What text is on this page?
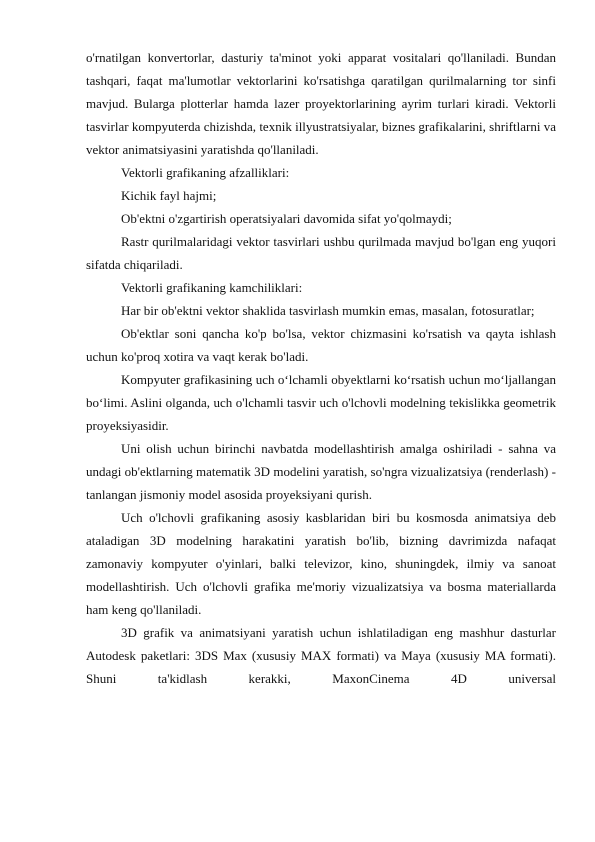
o'rnatilgan konvertorlar, dasturiy ta'minot yoki apparat vositalari qo'llaniladi. Bundan tashqari, faqat ma'lumotlar vektorlarini ko'rsatishga qaratilgan qurilmalarning tor sinfi mavjud. Bularga plotterlar hamda lazer proyektorlarining ayrim turlari kiradi. Vektorli tasvirlar kompyuterda chizishda, texnik illyustratsiyalar, biznes grafikalarini, shriftlarni va vektor animatsiyasini yaratishda qo'llaniladi.

Vektorli grafikaning afzalliklari:

Kichik fayl hajmi;

Ob'ektni o'zgartirish operatsiyalari davomida sifat yo'qolmaydi;

Rastr qurilmalaridagi vektor tasvirlari ushbu qurilmada mavjud bo'lgan eng yuqori sifatda chiqariladi.

Vektorli grafikaning kamchiliklari:

Har bir ob'ektni vektor shaklida tasvirlash mumkin emas, masalan, fotosuratlar;

Ob'ektlar soni qancha ko'p bo'lsa, vektor chizmasini ko'rsatish va qayta ishlash uchun ko'proq xotira va vaqt kerak bo'ladi.

Kompyuter grafikasining uch o‘lchamli obyektlarni ko‘rsatish uchun mo‘ljallangan bo‘limi. Aslini olganda, uch o'lchamli tasvir uch o'lchovli modelning tekislikka geometrik proyeksiyasidir.

Uni olish uchun birinchi navbatda modellashtirish amalga oshiriladi - sahna va undagi ob'ektlarning matematik 3D modelini yaratish, so'ngra vizualizatsiya (renderlash) - tanlangan jismoniy model asosida proyeksiyani qurish.

Uch o'lchovli grafikaning asosiy kasblaridan biri bu kosmosda animatsiya deb ataladigan 3D modelning harakatini yaratish bo'lib, bizning davrimizda nafaqat zamonaviy kompyuter o'yinlari, balki televizor, kino, shuningdek, ilmiy va sanoat modellashtirish. Uch o'lchovli grafika me'moriy vizualizatsiya va bosma materiallarda ham keng qo'llaniladi.

3D grafik va animatsiyani yaratish uchun ishlatiladigan eng mashhur dasturlar Autodesk paketlari: 3DS Max (xususiy MAX formati) va Maya (xususiy MA formati). Shuni ta'kidlash kerakki, MaxonCinema 4D universal
